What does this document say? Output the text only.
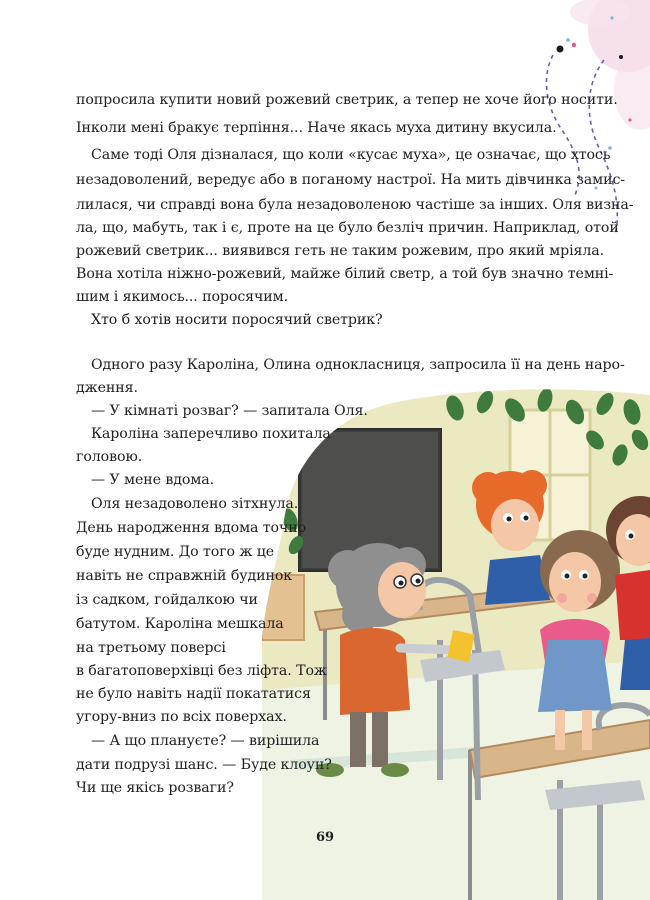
попросила купити новий рожевий светрик, а тепер не хоче його носити.
Інколи мені бракує терпіння... Наче якась муха дитину вкусила.
Саме тоді Оля дізналася, що коли «кусає муха», це означає, що хтось
незадоволений, вередує або в поганому настрої. На мить дівчинка замис-
лилася, чи справді вона була незадоволеною частіше за інших. Оля визна-
ла, що, мабуть, так і є, проте на це було безліч причин. Наприклад, отой
рожевий светрик... виявився геть не таким рожевим, про який мріяла.
Вона хотіла ніжно-рожевий, майже білий светр, а той був значно темні-
шим і якимось... поросячим.
Хто б хотів носити поросячий светрик?
Одного разу Кароліна, Олина однокласниця, запросила її на день наро-
дження.
— У кімнаті розваг? — запитала Оля.
Кароліна заперечливо похитала
головою.
— У мене вдома.
Оля незадоволено зітхнула.
День народження вдома точно
буде нудним. До того ж це
навіть не справжній будинок
із садком, гойдалкою чи
батутом. Кароліна мешкала
на третьому поверсі
в багатоповерхівці без ліфта. Тож
не було навіть надії покататися
угору-вниз по всіх поверхах.
— А що плануєте? — вирішила
дати подрузі шанс. — Буде клоун?
Чи ще якісь розваги?
69
